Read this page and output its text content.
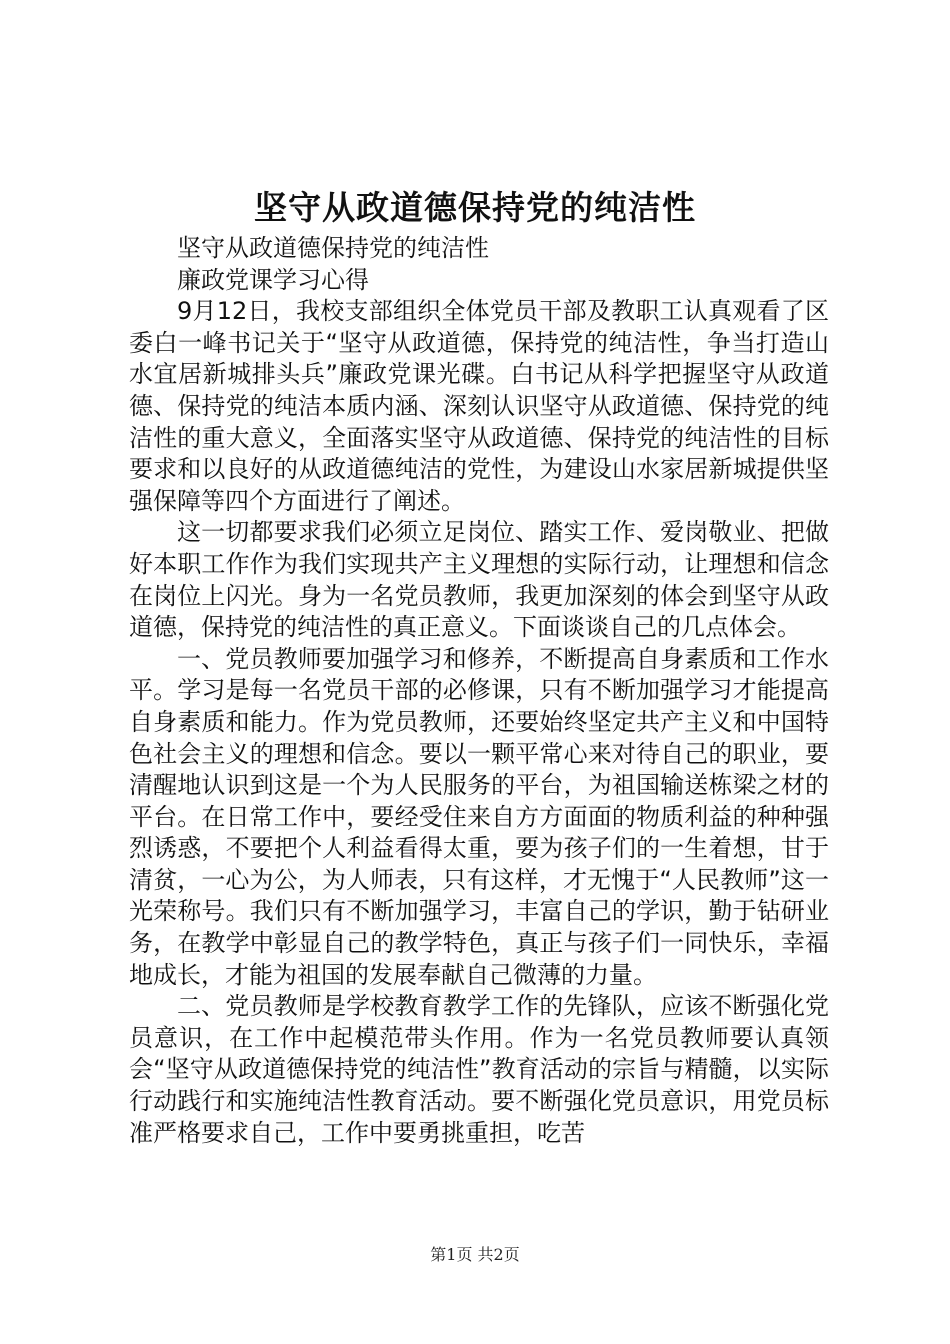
坚守从政道德保持党的纯洁性

坚守从政道德保持党的纯洁性

廉政党课学习心得

9月12日，我校支部组织全体党员干部及教职工认真观看了区委白一峰书记关于“坚守从政道德，保持党的纯洁性，争当打造山水宜居新城排头兵”廉政党课光碟。白书记从科学把握坚守从政道德、保持党的纯洁本质内涵、深刻认识坚守从政道德、保持党的纯洁性的重大意义，全面落实坚守从政道德、保持党的纯洁性的目标要求和以良好的从政道德纯洁的党性，为建设山水家居新城提供坚强保障等四个方面进行了阐述。

这一切都要求我们必须立足岗位、踏实工作、爱岗敬业、把做好本职工作作为我们实现共产主义理想的实际行动，让理想和信念在岗位上闪光。身为一名党员教师，我更加深刻的体会到坚守从政道德，保持党的纯洁性的真正意义。下面谈谈自己的几点体会。

一、党员教师要加强学习和修养，不断提高自身素质和工作水平。学习是每一名党员干部的必修课，只有不断加强学习才能提高自身素质和能力。作为党员教师，还要始终坚定共产主义和中国特色社会主义的理想和信念。要以一颗平常心来对待自己的职业，要清醒地认识到这是一个为人民服务的平台，为祖国输送栋梁之材的平台。在日常工作中，要经受住来自方方面面的物质利益的种种强烈诱惑，不要把个人利益看得太重，要为孩子们的一生着想，甘于清贫，一心为公，为人师表，只有这样，才无愧于“人民教师”这一光荣称号。我们只有不断加强学习，丰富自己的学识，勤于钻研业务，在教学中彰显自己的教学特色，真正与孩子们一同快乐，幸福地成长，才能为祖国的发展奉献自己微薄的力量。

二、党员教师是学校教育教学工作的先锋队，应该不断强化党员意识，在工作中起模范带头作用。作为一名党员教师要认真领会“坚守从政道德保持党的纯洁性”教育活动的宗旨与精髓，以实际行动践行和实施纯洁性教育活动。要不断强化党员意识，用党员标准严格要求自己，工作中要勇挑重担，吃苦

第1页 共2页
